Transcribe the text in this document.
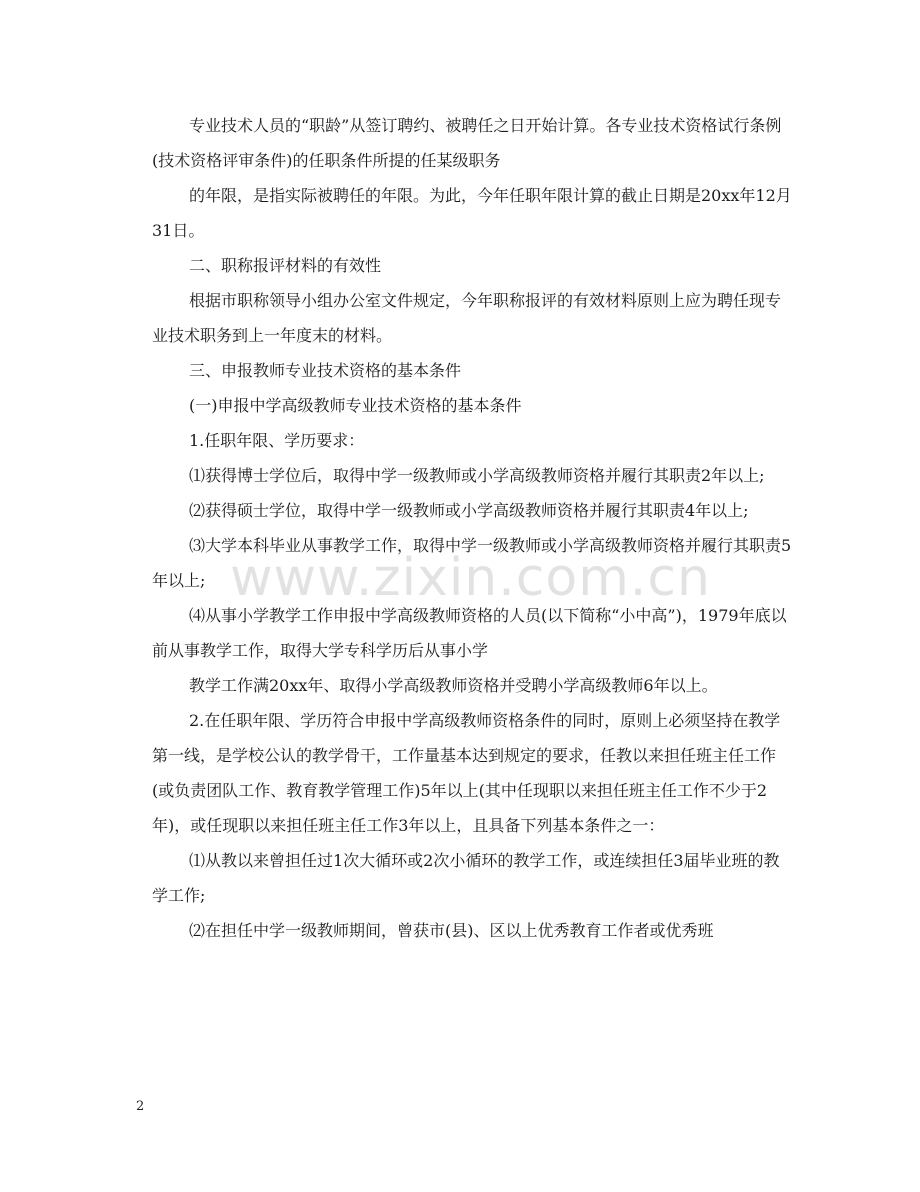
专业技术人员的“职龄”从签订聘约、被聘任之日开始计算。各专业技术资格试行条例(技术资格评审条件)的任职条件所提的任某级职务

的年限，是指实际被聘任的年限。为此，今年任职年限计算的截止日期是20xx年12月31日。

二、职称报评材料的有效性

根据市职称领导小组办公室文件规定，今年职称报评的有效材料原则上应为聘任现专业技术职务到上一年度末的材料。

三、申报教师专业技术资格的基本条件

(一)申报中学高级教师专业技术资格的基本条件

1.任职年限、学历要求：

⑴获得博士学位后，取得中学一级教师或小学高级教师资格并履行其职责2年以上;

⑵获得硕士学位，取得中学一级教师或小学高级教师资格并履行其职责4年以上;

⑶大学本科毕业从事教学工作，取得中学一级教师或小学高级教师资格并履行其职责5年以上;

⑷从事小学教学工作申报中学高级教师资格的人员(以下简称“小中高”)，1979年底以前从事教学工作，取得大学专科学历后从事小学

教学工作满20xx年、取得小学高级教师资格并受聘小学高级教师6年以上。

2.在任职年限、学历符合申报中学高级教师资格条件的同时，原则上必须坚持在教学第一线，是学校公认的教学骨干，工作量基本达到规定的要求，任教以来担任班主任工作(或负责团队工作、教育教学管理工作)5年以上(其中任现职以来担任班主任工作不少于2年)，或任现职以来担任班主任工作3年以上，且具备下列基本条件之一：

⑴从教以来曾担任过1次大循环或2次小循环的教学工作，或连续担任3届毕业班的教学工作;

⑵在担任中学一级教师期间，曾获市(县)、区以上优秀教育工作者或优秀班

www.zixin.com.cn
2
